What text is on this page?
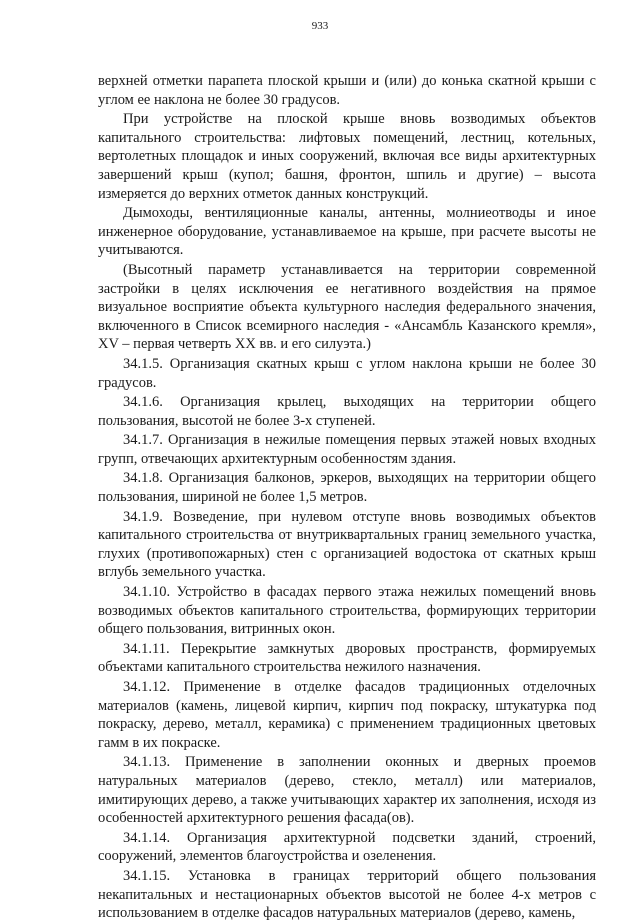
933

верхней отметки парапета плоской крыши и (или) до конька скатной крыши с углом ее наклона не более 30 градусов.

При устройстве на плоской крыше вновь возводимых объектов капитального строительства: лифтовых помещений, лестниц, котельных, вертолетных площадок и иных сооружений, включая все виды архитектурных завершений крыш (купол; башня, фронтон, шпиль и другие) – высота измеряется до верхних отметок данных конструкций.

Дымоходы, вентиляционные каналы, антенны, молниеотводы и иное инженерное оборудование, устанавливаемое на крыше, при расчете высоты не учитываются.

(Высотный параметр устанавливается на территории современной застройки в целях исключения ее негативного воздействия на прямое визуальное восприятие объекта культурного наследия федерального значения, включенного в Список всемирного наследия - «Ансамбль Казанского кремля», XV – первая четверть XX вв. и его силуэта.)

34.1.5. Организация скатных крыш с углом наклона крыши не более 30 градусов.

34.1.6. Организация крылец, выходящих на территории общего пользования, высотой не более 3-х ступеней.

34.1.7. Организация в нежилые помещения первых этажей новых входных групп, отвечающих архитектурным особенностям здания.

34.1.8. Организация балконов, эркеров, выходящих на территории общего пользования, шириной не более 1,5 метров.

34.1.9. Возведение, при нулевом отступе вновь возводимых объектов капитального строительства от внутриквартальных границ земельного участка, глухих (противопожарных) стен с организацией водостока от скатных крыш вглубь земельного участка.

34.1.10. Устройство в фасадах первого этажа нежилых помещений вновь возводимых объектов капитального строительства, формирующих территории общего пользования, витринных окон.

34.1.11. Перекрытие замкнутых дворовых пространств, формируемых объектами капитального строительства нежилого назначения.

34.1.12. Применение в отделке фасадов традиционных отделочных материалов (камень, лицевой кирпич, кирпич под покраску, штукатурка под покраску, дерево, металл, керамика) с применением традиционных цветовых гамм в их покраске.

34.1.13. Применение в заполнении оконных и дверных проемов натуральных материалов (дерево, стекло, металл) или материалов, имитирующих дерево, а также учитывающих характер их заполнения, исходя из особенностей архитектурного решения фасада(ов).

34.1.14. Организация архитектурной подсветки зданий, строений, сооружений, элементов благоустройства и озеленения.

34.1.15. Установка в границах территорий общего пользования некапитальных и нестационарных объектов высотой не более 4-х метров с использованием в отделке фасадов натуральных материалов (дерево, камень,
